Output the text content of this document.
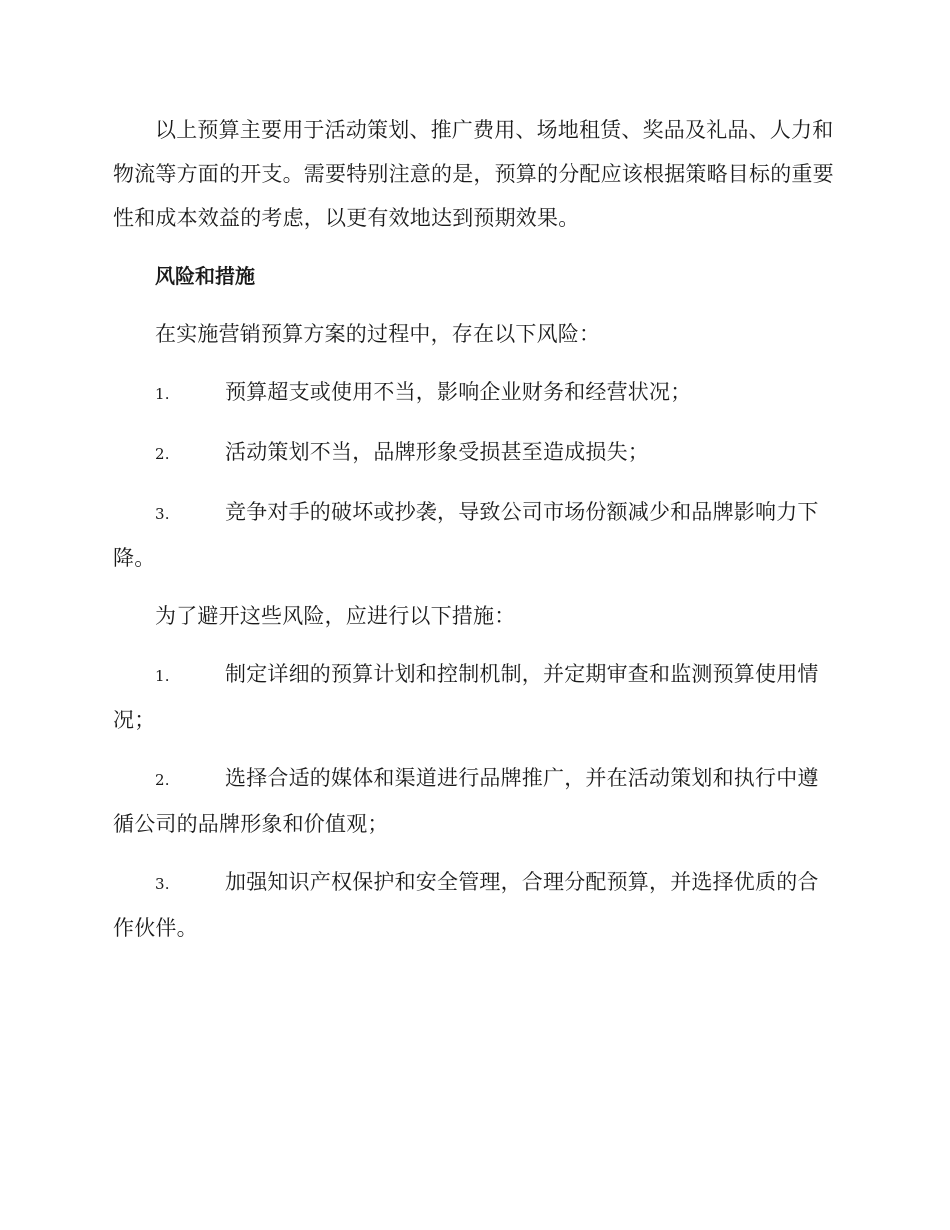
以上预算主要用于活动策划、推广费用、场地租赁、奖品及礼品、人力和物流等方面的开支。需要特别注意的是，预算的分配应该根据策略目标的重要性和成本效益的考虑，以更有效地达到预期效果。

风险和措施

在实施营销预算方案的过程中，存在以下风险：

1.	预算超支或使用不当，影响企业财务和经营状况；

2.	活动策划不当，品牌形象受损甚至造成损失；

3.	竞争对手的破坏或抄袭，导致公司市场份额减少和品牌影响力下降。

为了避开这些风险，应进行以下措施：

1.	制定详细的预算计划和控制机制，并定期审查和监测预算使用情况；

2.	选择合适的媒体和渠道进行品牌推广，并在活动策划和执行中遵循公司的品牌形象和价值观；

3.	加强知识产权保护和安全管理，合理分配预算，并选择优质的合作伙伴。
